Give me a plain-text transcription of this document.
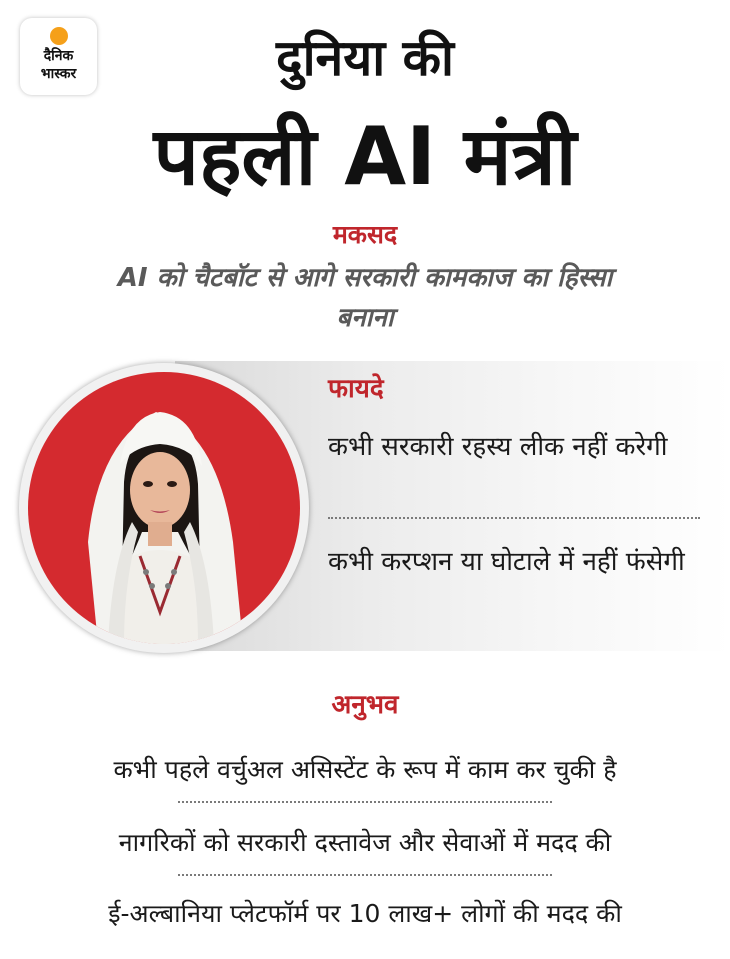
दैनिक
भास्कर	दुनिया की
पहली AI मंत्री
मकसद
AI को चैटबॉट से आगे सरकारी कामकाज का हिस्सा बनाना
फायदे
कभी सरकारी रहस्य लीक नहीं करेगी
कभी करप्शन या घोटाले में नहीं फंसेगी
अनुभव
कभी पहले वर्चुअल असिस्टेंट के रूप में काम कर चुकी है
नागरिकों को सरकारी दस्तावेज और सेवाओं में मदद की
ई-अल्बानिया प्लेटफॉर्म पर 10 लाख+ लोगों की मदद की
